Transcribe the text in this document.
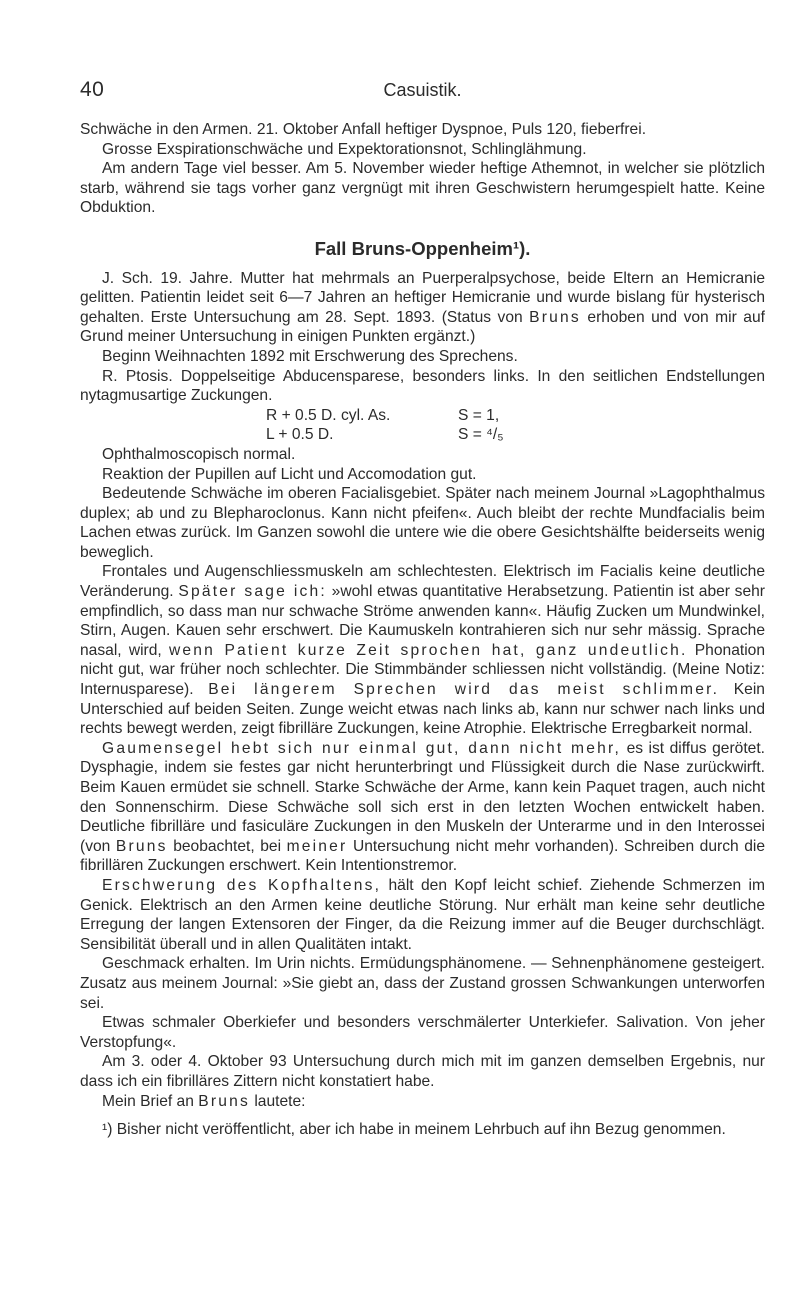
40	Casuistik.

Schwäche in den Armen. 21. Oktober Anfall heftiger Dyspnoe, Puls 120, fieberfrei.

Grosse Exspirationschwäche und Expektorationsnot, Schlinglähmung.

Am andern Tage viel besser. Am 5. November wieder heftige Athemnot, in welcher sie plötzlich starb, während sie tags vorher ganz vergnügt mit ihren Geschwistern herumgespielt hatte. Keine Obduktion.

Fall Bruns-Oppenheim¹).

J. Sch. 19. Jahre. Mutter hat mehrmals an Puerperalpsychose, beide Eltern an Hemicranie gelitten. Patientin leidet seit 6—7 Jahren an heftiger Hemicranie und wurde bislang für hysterisch gehalten. Erste Untersuchung am 28. Sept. 1893. (Status von Bruns erhoben und von mir auf Grund meiner Untersuchung in einigen Punkten ergänzt.)

Beginn Weihnachten 1892 mit Erschwerung des Sprechens.

R. Ptosis. Doppelseitige Abducensparese, besonders links. In den seitlichen Endstellungen nytagmusartige Zuckungen.

R + 0.5 D. cyl. As.	S = 1,
L + 0.5 D.	S = ⁴/₅

Ophthalmoscopisch normal.

Reaktion der Pupillen auf Licht und Accomodation gut.

Bedeutende Schwäche im oberen Facialisgebiet. Später nach meinem Journal »Lagophthalmus duplex; ab und zu Blepharoclonus. Kann nicht pfeifen«. Auch bleibt der rechte Mundfacialis beim Lachen etwas zurück. Im Ganzen sowohl die untere wie die obere Gesichtshälfte beiderseits wenig beweglich.

Frontales und Augenschliessmuskeln am schlechtesten. Elektrisch im Facialis keine deutliche Veränderung. Später sage ich: »wohl etwas quantitative Herabsetzung. Patientin ist aber sehr empfindlich, so dass man nur schwache Ströme anwenden kann«. Häufig Zucken um Mundwinkel, Stirn, Augen. Kauen sehr erschwert. Die Kaumuskeln kontrahieren sich nur sehr mässig. Sprache nasal, wird, wenn Patient kurze Zeit sprochen hat, ganz undeutlich. Phonation nicht gut, war früher noch schlechter. Die Stimmbänder schliessen nicht vollständig. (Meine Notiz: Internusparese). Bei längerem Sprechen wird das meist schlimmer. Kein Unterschied auf beiden Seiten. Zunge weicht etwas nach links ab, kann nur schwer nach links und rechts bewegt werden, zeigt fibrilläre Zuckungen, keine Atrophie. Elektrische Erregbarkeit normal.

Gaumensegel hebt sich nur einmal gut, dann nicht mehr, es ist diffus gerötet. Dysphagie, indem sie festes gar nicht herunterbringt und Flüssigkeit durch die Nase zurückwirft. Beim Kauen ermüdet sie schnell. Starke Schwäche der Arme, kann kein Paquet tragen, auch nicht den Sonnenschirm. Diese Schwäche soll sich erst in den letzten Wochen entwickelt haben. Deutliche fibrilläre und fasiculäre Zuckungen in den Muskeln der Unterarme und in den Interossei (von Bruns beobachtet, bei meiner Untersuchung nicht mehr vorhanden). Schreiben durch die fibrillären Zuckungen erschwert. Kein Intentionstremor.

Erschwerung des Kopfhaltens, hält den Kopf leicht schief. Ziehende Schmerzen im Genick. Elektrisch an den Armen keine deutliche Störung. Nur erhält man keine sehr deutliche Erregung der langen Extensoren der Finger, da die Reizung immer auf die Beuger durchschlägt. Sensibilität überall und in allen Qualitäten intakt.

Geschmack erhalten. Im Urin nichts. Ermüdungsphänomene. — Sehnenphänomene gesteigert. Zusatz aus meinem Journal: »Sie giebt an, dass der Zustand grossen Schwankungen unterworfen sei.

Etwas schmaler Oberkiefer und besonders verschmälerter Unterkiefer. Salivation. Von jeher Verstopfung«.

Am 3. oder 4. Oktober 93 Untersuchung durch mich mit im ganzen demselben Ergebnis, nur dass ich ein fibrilläres Zittern nicht konstatiert habe.

Mein Brief an Bruns lautete:

¹) Bisher nicht veröffentlicht, aber ich habe in meinem Lehrbuch auf ihn Bezug genommen.
